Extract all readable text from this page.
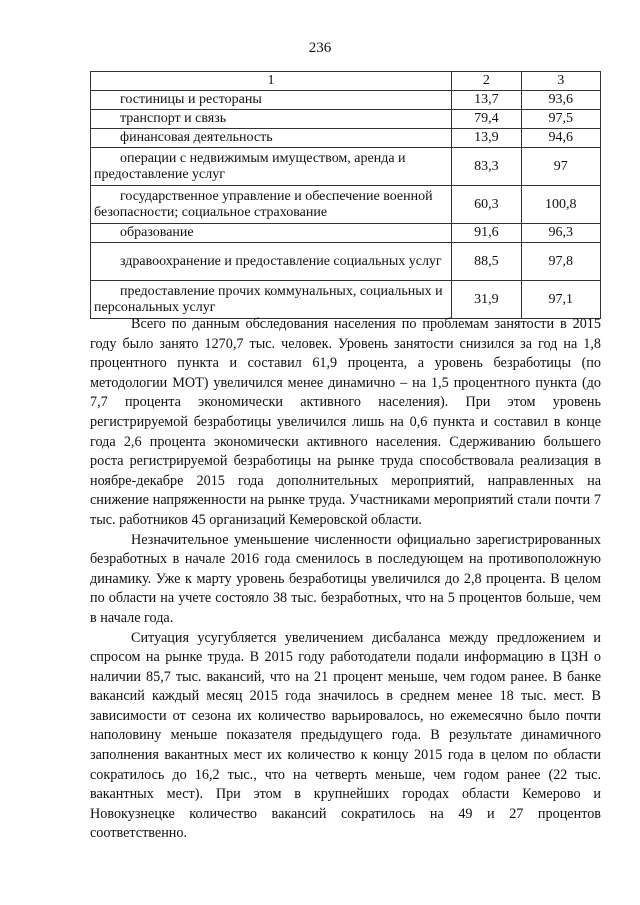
236
1	2	3
гостиницы и рестораны	13,7	93,6
транспорт и связь	79,4	97,5
финансовая деятельность	13,9	94,6
операции с недвижимым имуществом, аренда и предоставление услуг	83,3	97
государственное управление и обеспечение военной безопасности; социальное страхование	60,3	100,8
образование	91,6	96,3
здравоохранение и предоставление социальных услуг	88,5	97,8
предоставление прочих коммунальных, социальных и персональных услуг	31,9	97,1

Всего по данным обследования населения по проблемам занятости в 2015 году было занято 1270,7 тыс. человек. Уровень занятости снизился за год на 1,8 процентного пункта и составил 61,9 процента, а уровень безработицы (по методологии МОТ) увеличился менее динамично – на 1,5 процентного пункта (до 7,7 процента экономически активного населения). При этом уровень регистрируемой безработицы увеличился лишь на 0,6 пункта и составил в конце года 2,6 процента экономически активного населения. Сдерживанию большего роста регистрируемой безработицы на рынке труда способствовала реализация в ноябре-декабре 2015 года дополнительных мероприятий, направленных на снижение напряженности на рынке труда. Участниками мероприятий стали почти 7 тыс. работников 45 организаций Кемеровской области.

Незначительное уменьшение численности официально зарегистрированных безработных в начале 2016 года сменилось в последующем на противоположную динамику. Уже к марту уровень безработицы увеличился до 2,8 процента. В целом по области на учете состояло 38 тыс. безработных, что на 5 процентов больше, чем в начале года.

Ситуация усугубляется увеличением дисбаланса между предложением и спросом на рынке труда. В 2015 году работодатели подали информацию в ЦЗН о наличии 85,7 тыс. вакансий, что на 21 процент меньше, чем годом ранее. В банке вакансий каждый месяц 2015 года значилось в среднем менее 18 тыс. мест. В зависимости от сезона их количество варьировалось, но ежемесячно было почти наполовину меньше показателя предыдущего года. В результате динамичного заполнения вакантных мест их количество к концу 2015 года в целом по области сократилось до 16,2 тыс., что на четверть меньше, чем годом ранее (22 тыс. вакантных мест). При этом в крупнейших городах области Кемерово и Новокузнецке количество вакансий сократилось на 49 и 27 процентов соответственно.
